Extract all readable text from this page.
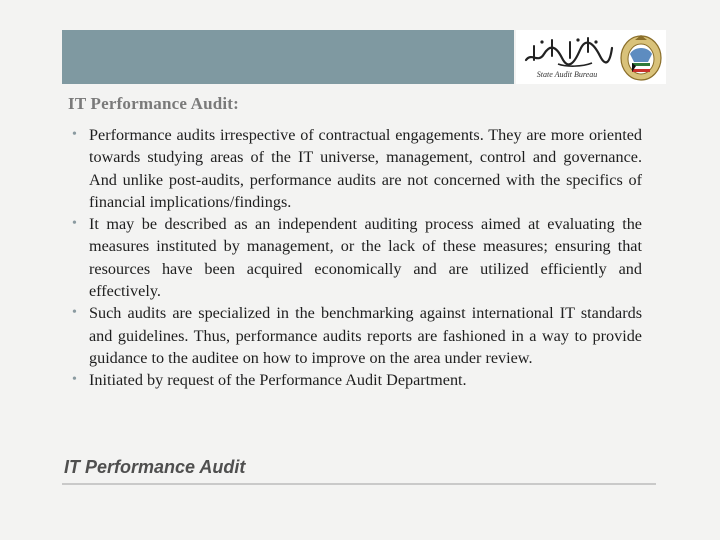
State Audit Bureau
IT Performance Audit:
• Performance audits irrespective of contractual engagements. They are more oriented towards studying areas of the IT universe, management, control and governance. And unlike post-audits, performance audits are not concerned with the specifics of financial implications/findings.
• It may be described as an independent auditing process aimed at evaluating the measures instituted by management, or the lack of these measures; ensuring that resources have been acquired economically and are utilized efficiently and effectively.
• Such audits are specialized in the benchmarking against international IT standards and guidelines. Thus, performance audits reports are fashioned in a way to provide guidance to the auditee on how to improve on the area under review.
• Initiated by request of the Performance Audit Department.
IT Performance Audit
